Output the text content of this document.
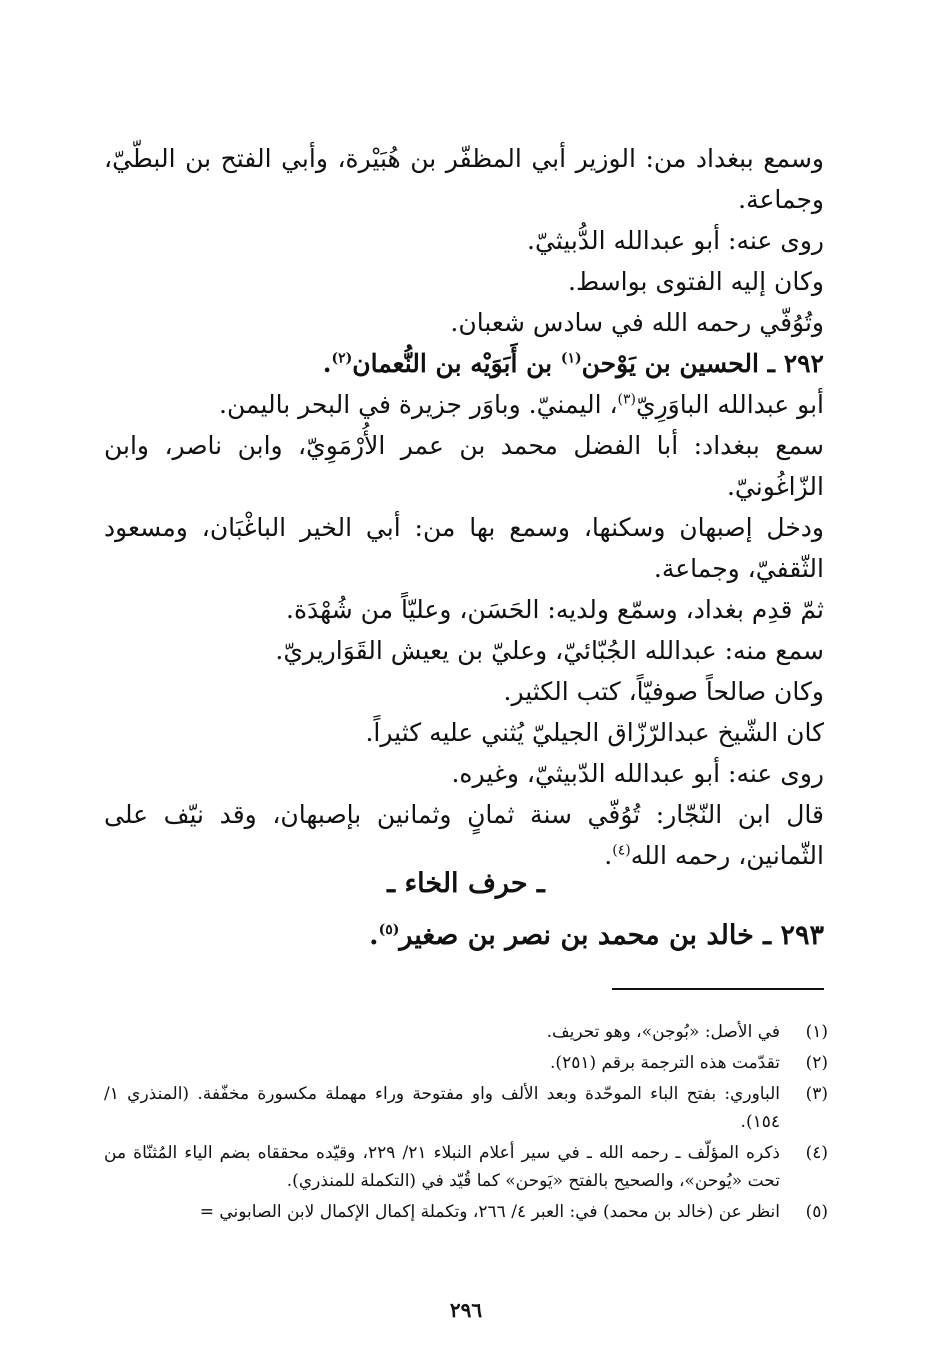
وسمع ببغداد من: الوزير أبي المظفّر بن هُبَيْرة، وأبي الفتح بن البطّيّ، وجماعة.

روى عنه: أبو عبدالله الدُّبيثيّ.

وكان إليه الفتوى بواسط.

وتُوُفّي رحمه الله في سادس شعبان.

٢٩٢ ـ الحسين بن يَوْحن$^{(١)}$ بن أَبَوَيْه بن النُّعمان$^{(٢)}$.

أبو عبدالله الباوَرِيّ$^{(٣)}$، اليمنيّ. وباوَر جزيرة في البحر باليمن.

سمع ببغداد: أبا الفضل محمد بن عمر الأُرْمَوِيّ، وابن ناصر، وابن الزّاغُونيّ.

ودخل إصبهان وسكنها، وسمع بها من: أبي الخير الباغْبَان، ومسعود الثّقفيّ، وجماعة.

ثمّ قدِم بغداد، وسمّع ولديه: الحَسَن، وعليّاً من شُهْدَة.

سمع منه: عبدالله الجُبّائيّ، وعليّ بن يعيش القَوَاريريّ.

وكان صالحاً صوفيّاً، كتب الكثير.

كان الشّيخ عبدالرّزّاق الجيليّ يُثني عليه كثيراً.

روى عنه: أبو عبدالله الدّبيثيّ، وغيره.

قال ابن النّجّار: تُوُفّي سنة ثمانٍ وثمانين بإصبهان، وقد نيّف على الثّمانين، رحمه الله$^{(٤)}$.

ـ حرف الخاء ـ
٢٩٣ ـ خالد بن محمد بن نصر بن صغير$^{(٥)}$.
(١)
في الأصل: «بُوجن»، وهو تحريف.
(٢)
تقدّمت هذه الترجمة برقم (٢٥١).
(٣)
الباوري: بفتح الباء الموحّدة وبعد الألف واو مفتوحة وراء مهملة مكسورة مخفّفة. (المنذري ١/ ١٥٤).
(٤)
ذكره المؤلّف ـ رحمه الله ـ في سير أعلام النبلاء ٢١/ ٢٢٩، وقيّده محققاه بضم الياء المُثنّاة من تحت «يُوحن»، والصحيح بالفتح «يَوحن» كما قُيّد في (التكملة للمنذري).
(٥)
انظر عن (خالد بن محمد) في: العبر ٤/ ٢٦٦، وتكملة إكمال الإكمال لابن الصابوني =
٢٩٦
